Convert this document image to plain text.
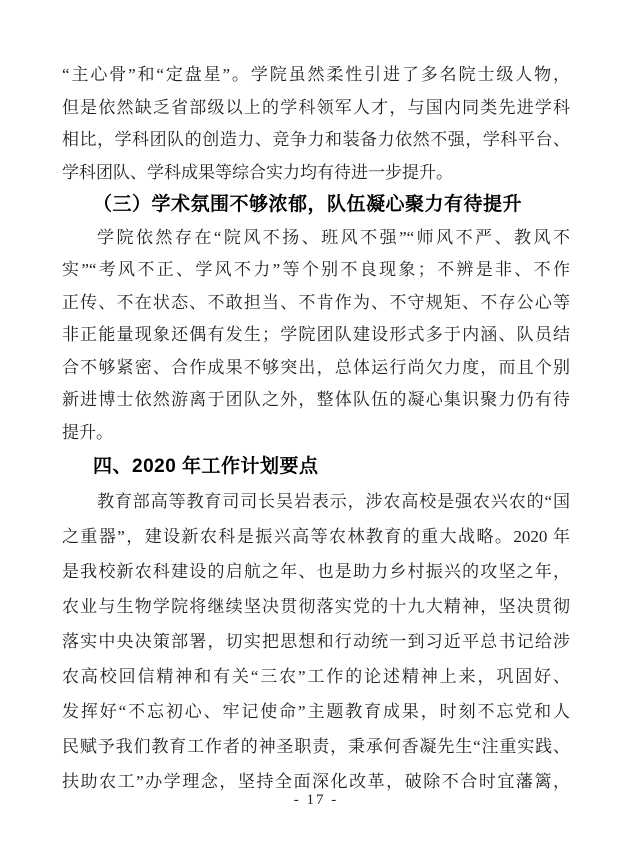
“主心骨”和“定盘星”。学院虽然柔性引进了多名院士级人物，
但是依然缺乏省部级以上的学科领军人才，与国内同类先进学科
相比，学科团队的创造力、竞争力和装备力依然不强，学科平台、
学科团队、学科成果等综合实力均有待进一步提升。
（三）学术氛围不够浓郁，队伍凝心聚力有待提升
学院依然存在“院风不扬、班风不强”“师风不严、教风不
实”“考风不正、学风不力”等个别不良现象；不辨是非、不作
正传、不在状态、不敢担当、不肯作为、不守规矩、不存公心等
非正能量现象还偶有发生；学院团队建设形式多于内涵、队员结
合不够紧密、合作成果不够突出，总体运行尚欠力度，而且个别
新进博士依然游离于团队之外，整体队伍的凝心集识聚力仍有待
提升。
四、2020 年工作计划要点
教育部高等教育司司长吴岩表示，涉农高校是强农兴农的“国
之重器”，建设新农科是振兴高等农林教育的重大战略。2020 年
是我校新农科建设的启航之年、也是助力乡村振兴的攻坚之年，
农业与生物学院将继续坚决贯彻落实党的十九大精神，坚决贯彻
落实中央决策部署，切实把思想和行动统一到习近平总书记给涉
农高校回信精神和有关“三农”工作的论述精神上来，巩固好、
发挥好“不忘初心、牢记使命”主题教育成果，时刻不忘党和人
民赋予我们教育工作者的神圣职责，秉承何香凝先生“注重实践、
扶助农工”办学理念，坚持全面深化改革，破除不合时宜藩篱，
- 17 -
